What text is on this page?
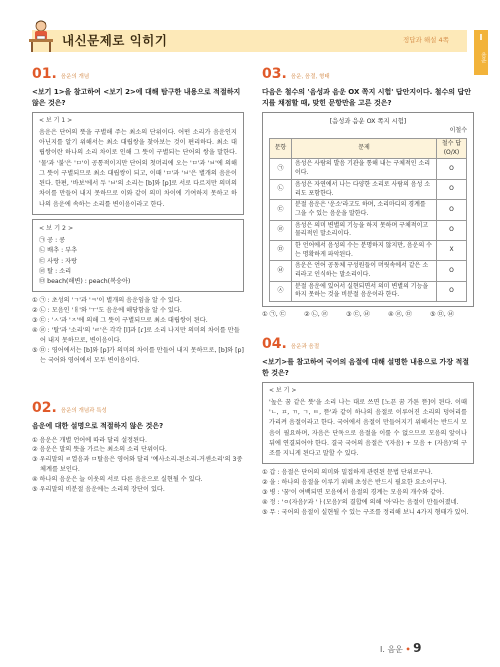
내신문제로 익히기	정답과 해설 4쪽	I
음운
01. 음운의 개념
<보기 1>을 참고하여 <보기 2>에 대해 탐구한 내용으로 적절하지 않은 것은?
< 보 기 1 >

음운은 단어의 뜻을 구별해 주는 최소의 단위이다. 어떤 소리가 음운인지 아닌지를 알기 위해서는 최소 대립쌍을 찾아보는 것이 편리하다. 최소 대립쌍이란 하나의 소리 차이로 인해 그 뜻이 구별되는 단어의 쌍을 말한다. '물'과 '불'은 'ㅁ'이 공통적이지만 단어의 첫머리에 오는 'ㅁ'과 'ㅂ'에 의해 그 뜻이 구별되므로 최소 대립쌍이 되고, 이때 'ㅁ'과 'ㅂ'은 별개의 음운이 된다. 한편, '바보'에서 두 'ㅂ'의 소리는 [b]와 [p]로 서로 다르지만 의미의 차이를 만들어 내지 못하므로 이와 같이 의미 차이에 기여하지 못하고 하나의 음운에 속하는 소리를 변이음이라고 한다.

< 보 기 2 >
㉠ 공 : 콩
㉡ 배추 : 부추
㉢ 사랑 : 자랑
㉣ 탈 : 소리
㉤ beach(해변) : peach(복숭아)
① ㉠ : 초성의 'ㄱ'과 'ㅋ'이 별개의 음운임을 알 수 있다.
② ㉡ : 모음인 'ㅐ'와 'ㅜ'도 음운에 해당함을 알 수 있다.
③ ㉢ : 'ㅅ'과 'ㅈ'에 의해 그 뜻이 구별되므로 최소 대립쌍이 된다.
④ ㉣ : '탈'과 '소리'의 'ㄹ'은 각각 [l]과 [ɾ]로 소리 나지만 의미의 차이를 만들어 내지 못하므로, 변이음이다.
⑤ ㉤ : 영어에서는 [b]와 [p]가 의미의 차이를 만들어 내지 못하므로, [b]와 [p]는 국어와 영어에서 모두 변이음이다.
02. 음운의 개념과 특성
음운에 대한 설명으로 적절하지 않은 것은?
① 음운은 개별 언어에 따라 달리 설정된다.
② 음운은 말의 뜻을 가르는 최소의 소리 단위이다.
③ 우리말의 ㄹ열음과 ㅁ탈음은 영어와 달리 '예사소리-된소리-거센소리'의 3중 체계를 보인다.
④ 하나의 음운은 늘 이웃의 서로 다른 음운으로 실현될 수 있다.
⑤ 우리말의 비분절 음운에는 소리의 장단이 있다.
03. 음운, 음절, 형태
다음은 철수의 '음성과 음운 OX 쪽지 시험' 답안지이다. 철수의 답안지를 채점할 때, 맞힌 문항만을 고른 것은?
[음성과 음운 OX 쪽지 시험]
이철수
문항	문제	철수 답 (O/X)
㉠	음성은 사람의 발음 기관을 통해 내는 구체적인 소리이다.	O
㉡	음성은 자연에서 나는 다양한 소리로 사람의 음성 소리도 포함한다.	O
㉢	분절 음운은 '운소'라고도 하며, 소리마디의 경계를 그을 수 있는 음운을 말한다.	O
㉣	음성은 의미 변별의 기능을 하지 못하며 구체적이고 물리적인 말소리이다.	O
㉤	한 언어에서 음성의 수는 분명하지 않지만, 음운의 수는 명확하게 파악된다.	X
㉥	음운은 언어 공동체 구성원들이 머릿속에서 같은 소리라고 인식하는 말소리이다.	O
㉦	분절 음운에 있어서 실현되면서 의미 변별의 기능을 하지 못하는 것을 비분절 음운이라 한다.	O
① ㉠, ㉢	② ㉡, ㉣	③ ㉢, ㉥	④ ㉣, ㉤	⑤ ㉤, ㉥
04. 음운과 음절
<보기>를 참고하여 국어의 음절에 대해 설명한 내용으로 가장 적절한 것은?
< 보 기 >

'높은 꿈 같은 뜻'을 소리 나는 대로 쓰면 [노픈 꿈 가튼 뜯]이 된다. 이때 'ㄴ, ㅍ, ㄲ, ㄱ, ㅌ, 뜯'과 같이 하나의 음절로 이루어진 소리의 덩어리를 가리켜 음절이라고 한다. 국어에서 음절이 만들어지기 위해서는 반드시 모음이 필요하며, 자음은 단독으로 음절을 이룰 수 없으므로 모음의 앞이나 뒤에 연결되어야 한다. 결국 국어의 음절은 '(자음) + 모음 + (자음)'의 구조를 지니게 된다고 말할 수 있다.

① 갑 : 음절은 단어의 의미와 밀접하게 관련된 문법 단위로구나.
② 을 : 하나의 음절을 이루기 위해 초성은 반드시 필요한 요소이구나.
③ 병 : '꿈'이 여백되면 모음에서 음절의 경계는 모음의 개수와 같아.
④ 정 : 'ㅇ(자음)'과 'ㅏ(모음)'의 결합에 의해 '아'라는 음절이 만들어졌네.
⑤ 무 : 국어의 음절이 실현될 수 있는 구조를 정리해 보니 4가지 형태가 있어.
Ⅰ. 음운 • 9
